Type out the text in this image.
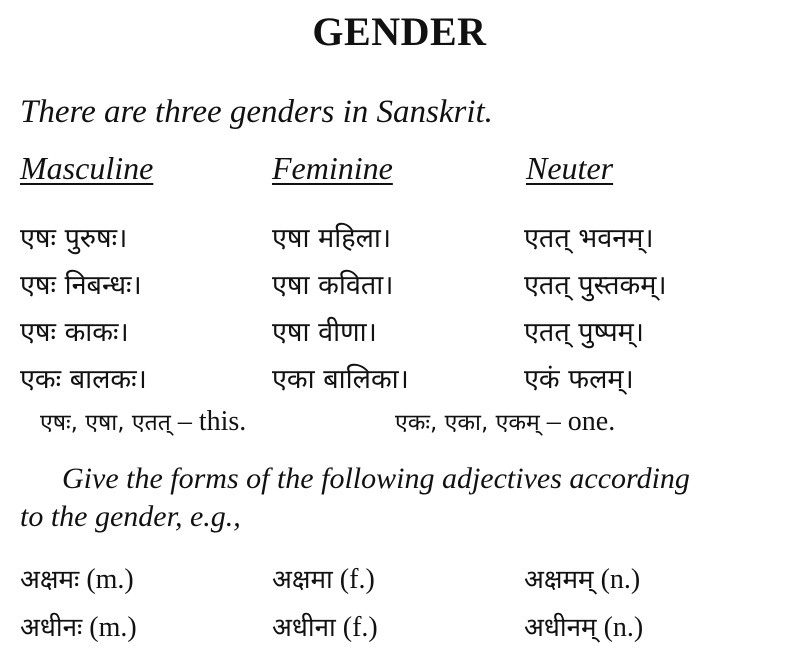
GENDER
There are three genders in Sanskrit.
Masculine	Feminine	Neuter
एषः पुरुषः।	एषा महिला।	एतत् भवनम्।
एषः निबन्धः।	एषा कविता।	एतत् पुस्तकम्।
एषः काकः।	एषा वीणा।	एतत् पुष्पम्।
एकः बालकः।	एका बालिका।	एकं फलम्।
एषः, एषा, एतत् – this.	एकः, एका, एकम् – one.
Give the forms of the following adjectives according
to the gender, e.g.,
अक्षमः (m.)	अक्षमा (f.)	अक्षमम् (n.)
अधीनः (m.)	अधीना (f.)	अधीनम् (n.)
